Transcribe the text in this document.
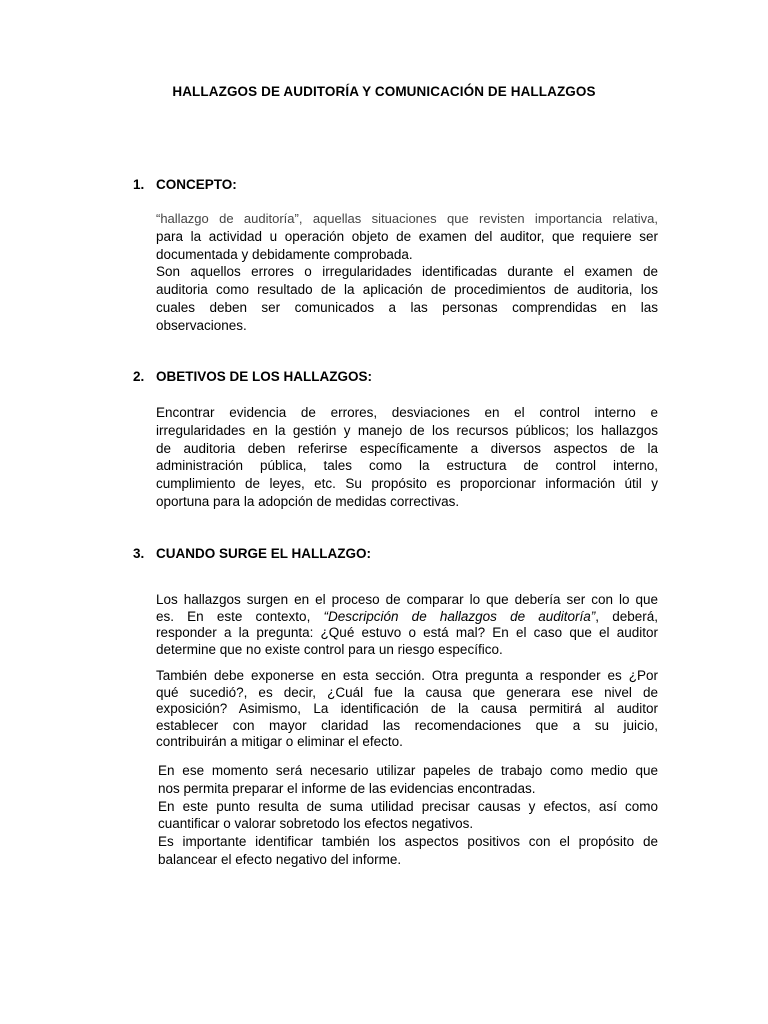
HALLAZGOS DE AUDITORÍA Y COMUNICACIÓN DE HALLAZGOS
1. CONCEPTO:
“hallazgo de auditoría”, aquellas situaciones que revisten importancia relativa,
para la actividad u operación objeto de examen del auditor, que requiere ser
documentada y debidamente comprobada.
Son aquellos errores o irregularidades identificadas durante el examen de
auditoria como resultado de la aplicación de procedimientos de auditoria, los
cuales deben ser comunicados a las personas comprendidas en las
observaciones.
2. OBETIVOS DE LOS HALLAZGOS:
Encontrar evidencia de errores, desviaciones en el control interno e
irregularidades en la gestión y manejo de los recursos públicos; los hallazgos
de auditoria deben referirse específicamente a diversos aspectos de la
administración pública, tales como la estructura de control interno,
cumplimiento de leyes, etc. Su propósito es proporcionar información útil y
oportuna para la adopción de medidas correctivas.
3. CUANDO SURGE EL HALLAZGO:
Los hallazgos surgen en el proceso de comparar lo que debería ser con lo que
es. En este contexto, “Descripción de hallazgos de auditoría”, deberá,
responder a la pregunta: ¿Qué estuvo o está mal? En el caso que el auditor
determine que no existe control para un riesgo específico.
También debe exponerse en esta sección. Otra pregunta a responder es ¿Por
qué sucedió?, es decir, ¿Cuál fue la causa que generara ese nivel de
exposición? Asimismo, La identificación de la causa permitirá al auditor
establecer con mayor claridad las recomendaciones que a su juicio,
contribuirán a mitigar o eliminar el efecto.
En ese momento será necesario utilizar papeles de trabajo como medio que
nos permita preparar el informe de las evidencias encontradas.
En este punto resulta de suma utilidad precisar causas y efectos, así como
cuantificar o valorar sobretodo los efectos negativos.
Es importante identificar también los aspectos positivos con el propósito de
balancear el efecto negativo del informe.
